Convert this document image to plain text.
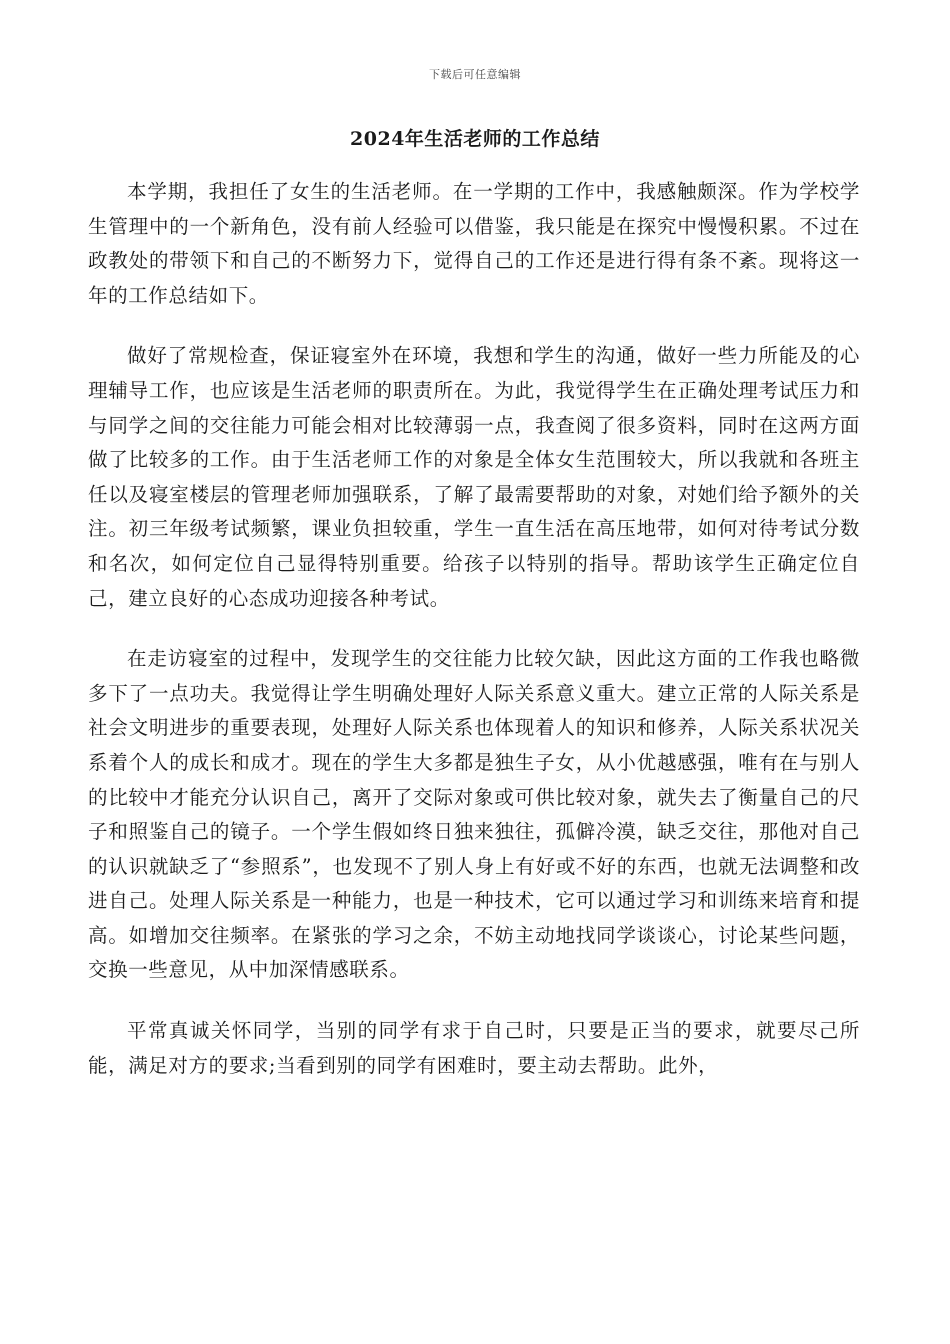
下载后可任意编辑
2024年生活老师的工作总结

本学期，我担任了女生的生活老师。在一学期的工作中，我感触颇深。作为学校学生管理中的一个新角色，没有前人经验可以借鉴，我只能是在探究中慢慢积累。不过在政教处的带领下和自己的不断努力下，觉得自己的工作还是进行得有条不紊。现将这一年的工作总结如下。

做好了常规检查，保证寝室外在环境，我想和学生的沟通，做好一些力所能及的心理辅导工作，也应该是生活老师的职责所在。为此，我觉得学生在正确处理考试压力和与同学之间的交往能力可能会相对比较薄弱一点，我查阅了很多资料，同时在这两方面做了比较多的工作。由于生活老师工作的对象是全体女生范围较大，所以我就和各班主任以及寝室楼层的管理老师加强联系，了解了最需要帮助的对象，对她们给予额外的关注。初三年级考试频繁，课业负担较重，学生一直生活在高压地带，如何对待考试分数和名次，如何定位自己显得特别重要。给孩子以特别的指导。帮助该学生正确定位自己，建立良好的心态成功迎接各种考试。

在走访寝室的过程中，发现学生的交往能力比较欠缺，因此这方面的工作我也略微多下了一点功夫。我觉得让学生明确处理好人际关系意义重大。建立正常的人际关系是社会文明进步的重要表现，处理好人际关系也体现着人的知识和修养，人际关系状况关系着个人的成长和成才。现在的学生大多都是独生子女，从小优越感强，唯有在与别人的比较中才能充分认识自己，离开了交际对象或可供比较对象，就失去了衡量自己的尺子和照鉴自己的镜子。一个学生假如终日独来独往，孤僻冷漠，缺乏交往，那他对自己的认识就缺乏了“参照系”，也发现不了别人身上有好或不好的东西，也就无法调整和改进自己。处理人际关系是一种能力，也是一种技术，它可以通过学习和训练来培育和提高。如增加交往频率。在紧张的学习之余，不妨主动地找同学谈谈心，讨论某些问题，交换一些意见，从中加深情感联系。

平常真诚关怀同学，当别的同学有求于自己时，只要是正当的要求，就要尽己所能，满足对方的要求;当看到别的同学有困难时，要主动去帮助。此外，
